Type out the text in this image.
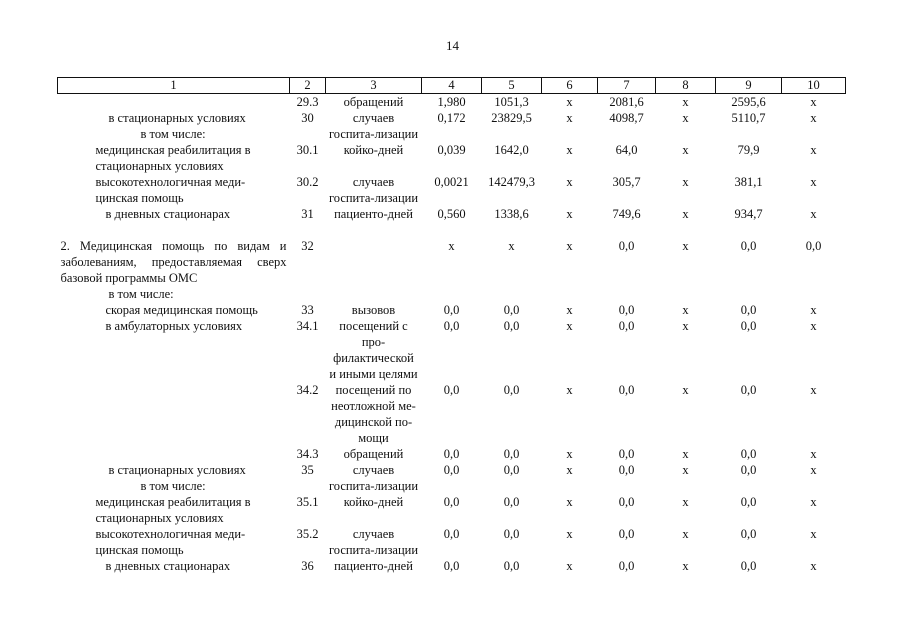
14
1	2	3	4	5	6	7	8	9	10
	29.3	обращений	1,980	1051,3	х	2081,6	х	2595,6	х

в стационарных условиях
в том числе:	30	случаев госпита-лизации	0,172	23829,5	х	4098,7	х	5110,7	х
медицинская реабилитация в стационарных условиях	30.1	койко-дней	0,039	1642,0	х	64,0	х	79,9	х
высокотехнологичная меди-цинская помощь	30.2	случаев госпита-лизации	0,0021	142479,3	х	305,7	х	381,1	х
в дневных стационарах	31	пациенто-дней	0,560	1338,6	х	749,6	х	934,7	х

2. Медицинская помощь по видам и заболеваниям, предоставляемая сверх базовой программы ОМС
в том числе:	32		х	х	х	0,0	х	0,0	0,0
скорая медицинская помощь	33	вызовов	0,0	0,0	х	0,0	х	0,0	х
в амбулаторных условиях	34.1	посещений с про-филактической и иными целями	0,0	0,0	х	0,0	х	0,0	х
	34.2	посещений по неотложной ме-дицинской по-мощи	0,0	0,0	х	0,0	х	0,0	х
	34.3	обращений	0,0	0,0	х	0,0	х	0,0	х

в стационарных условиях
в том числе:	35	случаев госпита-лизации	0,0	0,0	х	0,0	х	0,0	х
медицинская реабилитация в стационарных условиях	35.1	койко-дней	0,0	0,0	х	0,0	х	0,0	х
высокотехнологичная меди-цинская помощь	35.2	случаев госпита-лизации	0,0	0,0	х	0,0	х	0,0	х
в дневных стационарах	36	пациенто-дней	0,0	0,0	х	0,0	х	0,0	х
